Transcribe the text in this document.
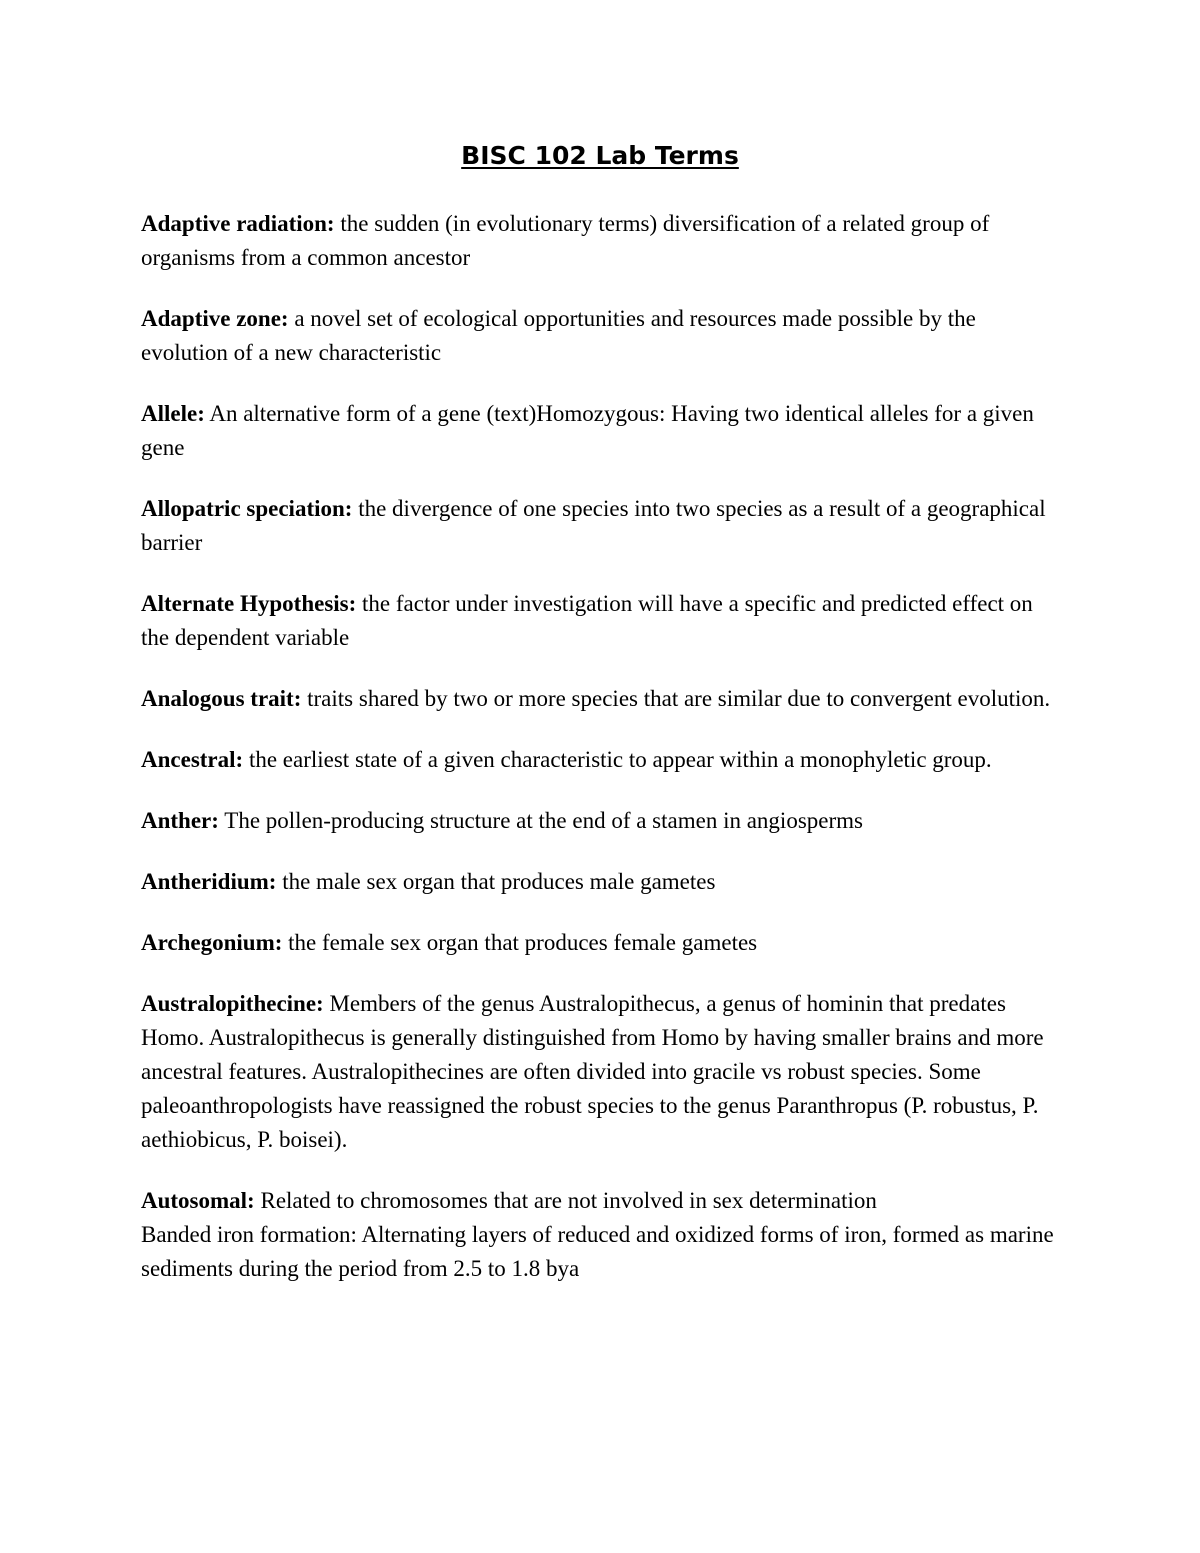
BISC 102 Lab Terms

Adaptive radiation: the sudden (in evolutionary terms) diversification of a related group of organisms from a common ancestor

Adaptive zone: a novel set of ecological opportunities and resources made possible by the evolution of a new characteristic

Allele: An alternative form of a gene (text)Homozygous: Having two identical alleles for a given gene

Allopatric speciation: the divergence of one species into two species as a result of a geographical barrier

Alternate Hypothesis: the factor under investigation will have a specific and predicted effect on the dependent variable

Analogous trait: traits shared by two or more species that are similar due to convergent evolution.

Ancestral: the earliest state of a given characteristic to appear within a monophyletic group.

Anther: The pollen-producing structure at the end of a stamen in angiosperms

Antheridium: the male sex organ that produces male gametes

Archegonium: the female sex organ that produces female gametes

Australopithecine: Members of the genus Australopithecus, a genus of hominin that predates Homo. Australopithecus is generally distinguished from Homo by having smaller brains and more ancestral features. Australopithecines are often divided into gracile vs robust species. Some paleoanthropologists have reassigned the robust species to the genus Paranthropus (P. robustus, P. aethiobicus, P. boisei).

Autosomal: Related to chromosomes that are not involved in sex determination
Banded iron formation: Alternating layers of reduced and oxidized forms of iron, formed as marine sediments during the period from 2.5 to 1.8 bya
